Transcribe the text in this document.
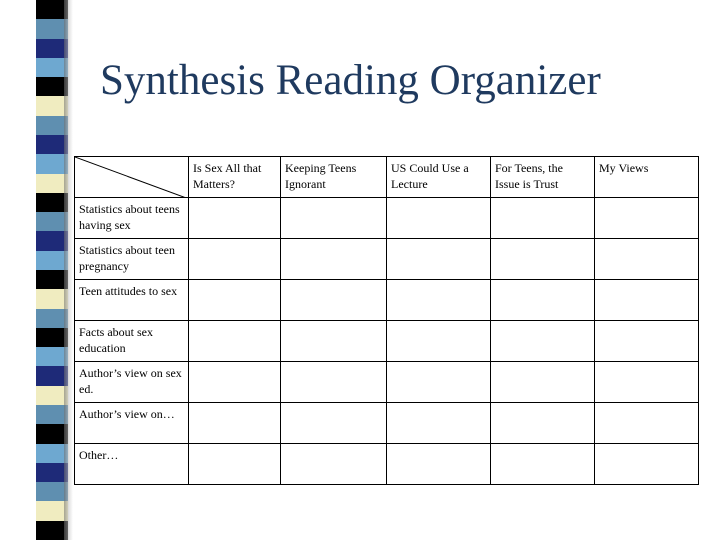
Synthesis Reading Organizer
	Is Sex All that Matters?	Keeping Teens Ignorant	US Could Use a Lecture	For Teens, the Issue is Trust	My Views
Statistics about teens having sex					
Statistics about teen pregnancy					
Teen attitudes to sex					
Facts about sex education					
Author’s view on sex ed.					
Author’s view on…					
Other…					
